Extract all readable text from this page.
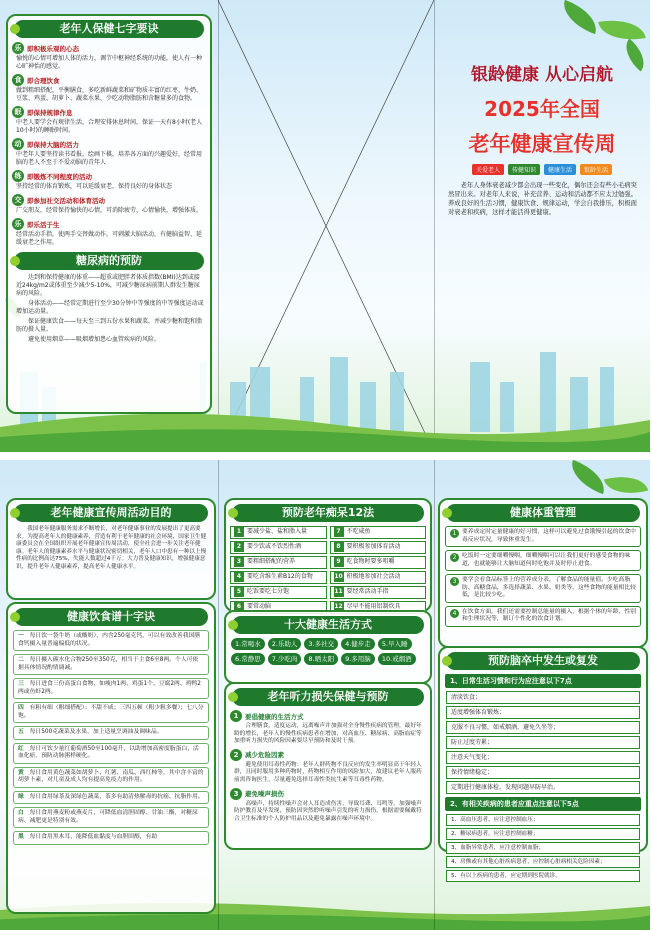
老年人保健七字要诀
乐 即积极乐观的心态
愉悦的心情可增加人体的活力，调节中枢神经系统的功能，使人有一种心旷神怡的感觉。
食 即合理饮食
做到粗细搭配，平衡膳食，多吃新鲜蔬菜和矿物质丰富的红枣、牛奶、豆浆、鸡蛋、胡萝卜、蔬菜水果，少吃动物脂肪和含糖量多的食物。
眠 即保持规律作息
中老人要学会有规律生活，合理安排休息时间，保证一天有8小时(老人10小时)的睡眠时间。
动 即保持大脑的活力
中老年人要坚持读书看报，绘画下棋，培养各方面的兴趣爱好，经常用脑的老人不至于不爱动脑的青年人
练 即锻炼不同程度的活动
坚持经常的体育锻炼，可以延缓衰老，保持良好的身体状态
交 即参加社交活动和体育活动
广交朋友，经常保持愉快的心情，可消除疲劳，心情愉快，增强体质。
乐 即乐活于生
经常活动手指，使两手交替做动作，可刺激大脑活动，有健脑益智、延缓衰老之作用。
糖尿病的预防
达到和保持健康的体重——超重或肥胖者体质指数(BMI)达到或接近24kg/m2或体重至少减少5-10%，可减少糖尿病前期人群发生糖尿病的风险。
身体活动——经常定期进行至少30分钟中等强度的中等强度运动或增加运动量。
保证健康饮食——每天至三到五份水果和蔬菜，并减少糖和饱和脂肪的摄入量。
避免使用烟草——吸烟增加患心血管疾病的风险。
银龄健康 从心启航
2025年全国
老年健康宣传周
关爱老人	传健知识	健康生活	银龄生活
老年人身体衰老减少都会出现一些变化，偶尔还会有些小毛病突然冒出来。对老年人来说，补充营养、运动和活动都不应太过勉强。养成良好的生活习惯，健康饮食、规律运动，学会自我排压，积极面对衰老和疾病，这样才能活得更健康。
老年健康宣传周活动目的
我国老年健康服务需求不断增长，对老年健康事业的发展提出了更高要求。为提高老年人的健康素养，营造有利于老年健康的社会环境，国家卫生健康委员会在全国组织开展老年健康宣传周活动，使全社会进一步关注老年健康。老年人的健康素养水平与健康状况密切相关，老年人口中患有一种以上慢性病的比例高达75%，失能人数超过4千万。大力普及健康知识，增强健康意识，提升老年人健康素养，提高老年人健康水平。
健康饮食谱十字诀
一　 每日饮一袋牛奶（或酸奶），内含250毫克钙，可以有效改善我国膳食钙摄入量普遍偏低的状况。
二　 每日摄入碳水化合物250至350克，相当于主食6至8两。个人可依据具体情况酌情调减。
三　 每日进食三份高蛋白食物，如瘦肉1两、鸡蛋1个、豆腐2两、鸡鸭2两或鱼虾2两。
四　 有粗有细（粗细搭配）；不甜不咸；三四五顿（粗少粗多餐）；七八分饱。
五　 每日500克蔬菜及水果，加上适量烹调油及调味品。
红　 每日可饮少量红葡萄酒50至100毫升，以助增加高密度脂蛋白，活血化瘀，预防动脉粥样硬化。
黄　 每日食用黄色蔬菜如胡萝卜、红薯、南瓜、西红柿等，其中含丰富的胡萝卜素，对儿童及成人均有提高免疫力的作用。
绿　 每日食用绿茶及深绿色蔬菜，茶多有助清热解毒的抗癌、抗脂作用。
白　 每日食用燕麦粉或燕麦片，可降低血清胆固醇、甘油三酯，对糖尿病、减肥更是特别有效。
黑　 每日食用黑木耳，能降低血黏度与血胆固醇，有助
预防老年痴呆12法
1 要减少盐、盐和脂入量	7 不吃咸鱼
2 要少饮或不饮烈性酒	8 要积极参加体育活动
3 要粗细搭配的营养	9 吃食物时要多咀嚼
4 要吃含维生素B12的食物	10 积极地参加社会活动
5 吃饭要吃七分饱	11 要经常活动手指
6 要常动脑	12 尽早不能用铝制炊具
十大健康生活方式
1.常喝水	2.乐助人	3.多社交	4.健步走	5.早入睡
6.常静思	7.少吃肉	8.晒太阳	9.多用脑	10.戒烟酒
老年听力损失保健与预防
1	要倡健康的生活方式
合理膳食，适度运动，远离噪声并加强对全身慢性疾病的管理，最好年龄的增长，老年人的慢性疾病患者在增加，对高血压、糖尿病、高脂血症等加重听力损失的风险因素要尽早预防和及时干预。
2	减少危险因素
避免使用耳毒性药物：老年人群药物不良反应的发生率明显高于年轻人群，且同时服用多种药物时，药物相互作用的风险加大，故建议老年人服药前需咨询医生，尽量避免选择耳毒性类抗生素等耳毒性药物。
3	避免噪声损伤
高噪声、持续性噪声会对人耳造成伤害，导致耳聋、耳鸣等，加强噪声防护教育及早发现，预防因突然聆听噪声引发的听力损伤，根据需要佩戴符合卫生标准的个人防护用品以及避免暴露在噪声环境中。
健康体重管理
1 要养成定时定量健康的好习惯，这样可以避免过食饿慢引起的饮食中毒反应状况，导致体重发生。
2 吃饭时一定要细嚼慢咽，细嚼慢咽可以让我们更好的感受食物的味道，也就能够让大脑知道何时吃饱并及时停止进食。
3 要学会看食品标签上的营养成分表，了解食品的能量值。少吃高脂肪、高糖食品，多选择蔬菜、水果、奶类等，这些食物的能量相比较低，是比较少吃。
4 在饮食方面，我们还需要控制总能量的摄入，根据个体的年龄、性别和生理状况等，制订个性化的饮食计划。
预防脑卒中发生或复发
1、日常生活习惯和行为应注意以下7点
清淡饮食；
适度增强体育锻炼；
克服不良习惯，如戒烟酒、避免久坐等；
防止过度劳累；
注意天气变化；
保持情绪稳定；
定期进行健康体检，发现问题早防早治。
2、有相关疾病的患者应重点注意以下5点
1、高血压患者，应注意控制血压；
2、糖尿病患者，应注意控制血糖；
3、血脂异常患者，应注意控制血脂；
4、房颤或有其他心脏疾病患者，应控制心脏病相关危险因素；
5、有以上疾病的患者，应定期到医院就诊。
